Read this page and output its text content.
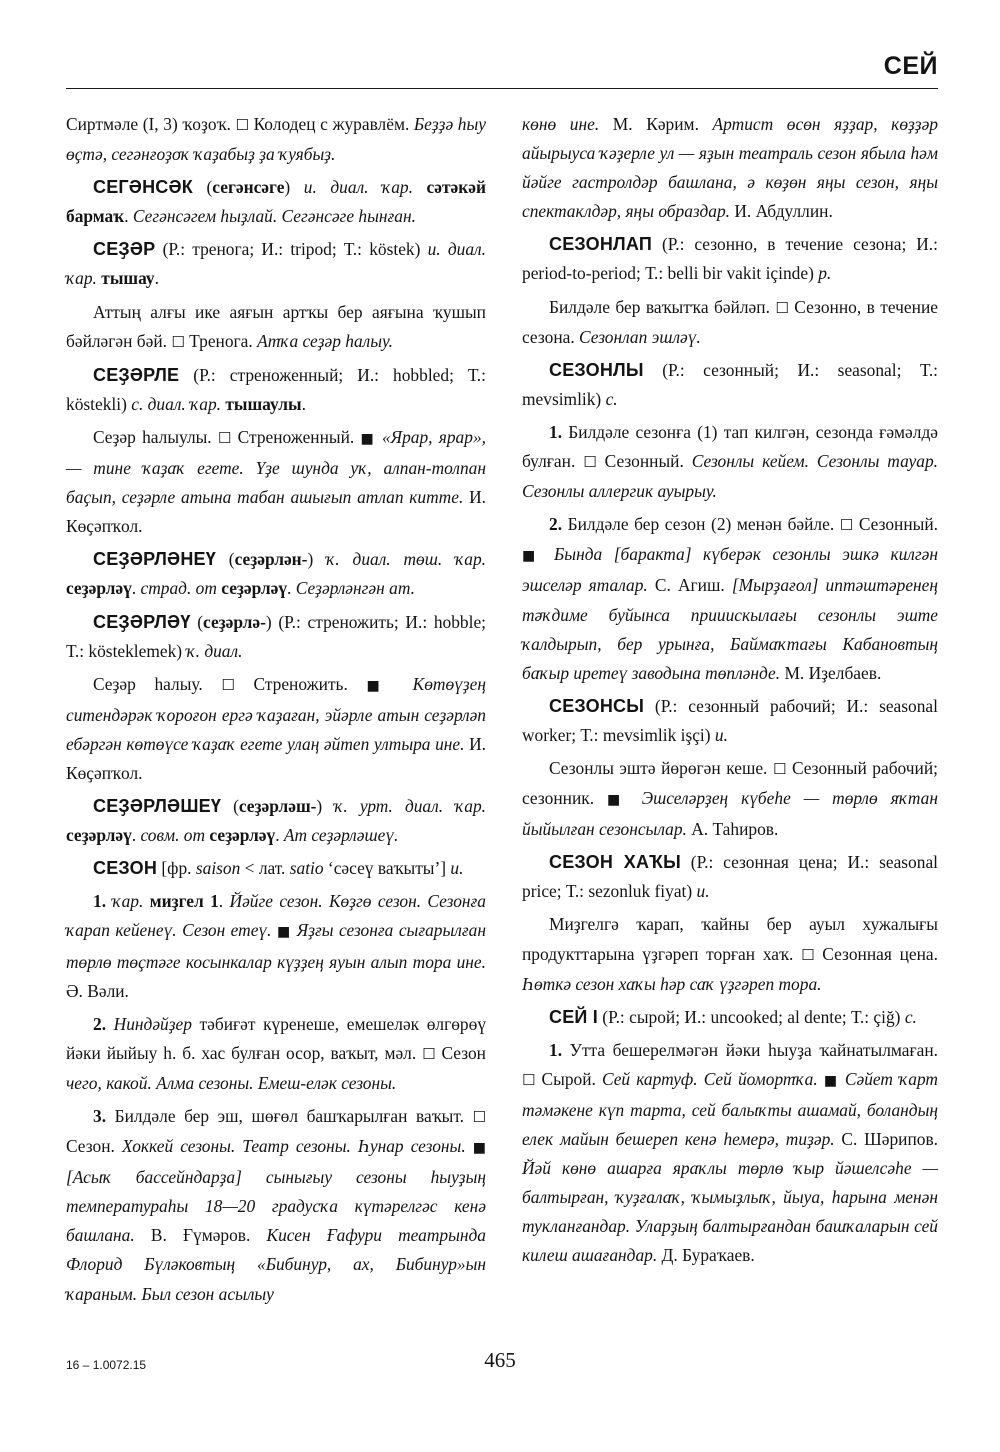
СЕЙ

Сиртмәле (I, 3) ҡоҙоҡ. ☐ Колодец с журавлём. Беҙҙә һыу өҫтә, сегәнғоҙоҡ ҡаҙабыҙ ҙа ҡуябыҙ.

СЕГӘНСӘК (сегәнсәге) и. диал. ҡар. сәтәкәй бармаҡ. Сегәнсәгем һыҙлай. Сегәнсәге һынған.

СЕҘӘР (Р.: тренога; И.: tripod; Т.: köstek) и. диал. ҡар. тышау.

Аттың алғы ике аяғын артҡы бер аяғына ҡушып бәйләгән бәй. ☐ Тренога. Атҡа сеҙәр һалыу.

СЕҘӘРЛЕ (Р.: стреноженный; И.: hobbled; Т.: köstekli) с. диал. ҡар. тышаулы.

Сеҙәр һалыулы. ☐ Стреноженный. ■ «Ярар, ярар»,— тине ҡаҙаҡ егете. Үҙе шунда уҡ, алпан-толпан баҫып, сеҙәрле атына табан ашығып атлап китте. И. Көҫәпҡол.

СЕҘӘРЛӘНЕҮ (сеҙәрлән-) ҡ. диал. төш. ҡар. сеҙәрләү. страд. от сеҙәрләү. Сеҙәрләнгән ат.

СЕҘӘРЛӘҮ (сеҙәрлә-) (Р.: стреножить; И.: hobble; Т.: kösteklemek) ҡ. диал.

Сеҙәр һалыу. ☐ Стреножить. ■ Көтөүҙең ситендәрәк ҡороғон ергә ҡаҙаған, эйәрле атын сеҙәрләп ебәргән көтөүсе ҡаҙаҡ егете улаң әйтеп ултыра ине. И. Көҫәпҡол.

СЕҘӘРЛӘШЕҮ (сеҙәрләш-) ҡ. урт. диал. ҡар. сеҙәрләү. совм. от сеҙәрләү. Ат сеҙәрләшеү.

СЕЗОН [фр. saison < лат. satio ‘сәсеү ваҡыты’] и.

1. ҡар. миҙгел 1. Йәйге сезон. Көҙгө сезон. Сезонға ҡарап кейенеү. Сезон етеү. ■ Яҙғы сезонға сығарылған төрлө төҫтәге косынкалар күҙҙең яуын алып тора ине. Ә. Вәли.

2. Ниндәйҙер тәбиғәт күренеше, емешеләк өлгөрөү йәки йыйыу һ. б. хас булған осор, ваҡыт, мәл. ☐ Сезон чего, какой. Алма сезоны. Емеш-еләк сезоны.

3. Билдәле бер эш, шөғөл башҡарылған ваҡыт. ☐ Сезон. Хоккей сезоны. Театр сезоны. Һунар сезоны. ■ [Асыҡ бассейндарҙа] сынығыу сезоны һыуҙың температураһы 18—20 градусҡа күтәрелгәс кенә башлана. В. Ғүмәров. Кисен Ғафури театрында Флорид Бүләковтың «Бибинур, ах, Бибинур»ын ҡараным. Был сезон асылыу

көнө ине. М. Кәрим. Артист өсөн яҙҙар, көҙҙәр айырыуса ҡәҙерле ул — яҙын театраль сезон ябыла һәм йәйге гастролдәр башлана, ә көҙөн яңы сезон, яңы спектаклдәр, яңы образдар. И. Абдуллин.

СЕЗОНЛАП (Р.: сезонно, в течение сезона; И.: period-to-period; Т.: belli bir vakit içinde) р.

Билдәле бер ваҡытҡа бәйләп. ☐ Сезонно, в течение сезона. Сезонлап эшләү.

СЕЗОНЛЫ (Р.: сезонный; И.: seasonal; Т.: mevsimlik) с.

1. Билдәле сезонға (1) тап килгән, сезонда ғәмәлдә булған. ☐ Сезонный. Сезонлы кейем. Сезонлы тауар. Сезонлы аллергик ауырыу.

2. Билдәле бер сезон (2) менән бәйле. ☐ Сезонный. ■ Бында [баракта] күберәк сезонлы эшкә килгән эшселәр яталар. С. Агиш. [Мырҙағол] иптәштәренең тәҡдиме буйынса прииискылағы сезонлы эште ҡалдырып, бер урынға, Баймаҡтағы Кабановтың баҡыр иретеү заводына төпләнде. М. Иҙелбаев.

СЕЗОНСЫ (Р.: сезонный рабочий; И.: seasonal worker; Т.: mevsimlik işçi) и.

Сезонлы эштә йөрөгән кеше. ☐ Сезонный рабочий; сезонник. ■ Эшселәрҙең күбеһе — төрлө яҡтан йыйылған сезонсылар. А. Таһиров.

СЕЗОН ХАҠЫ (Р.: сезонная цена; И.: seasonal price; Т.: sezonluk fiyat) и.

Миҙгелгә ҡарап, ҡайны бер ауыл хужалығы продукттарына үҙгәреп торған хаҡ. ☐ Сезонная цена. Һөткә сезон хаҡы һәр саҡ үҙгәреп тора.

СЕЙ I (Р.: сырой; И.: uncooked; al dente; Т.: çiğ) с.

1. Утта бешерелмәгән йәки һыуҙа ҡайнатылмаған. ☐ Сырой. Сей картуф. Сей йомортҡа. ■ Сәйет ҡарт тәмәкене күп тарта, сей балыҡты ашамай, боландың елек майын бешереп кенә һемерә, тиҙәр. С. Шәрипов. Йәй көнө ашарға яраҡлы төрлө ҡыр йәшелсәһе — балтырған, ҡуҙғалаҡ, ҡымыҙлыҡ, йыуа, һарына менән тукланғандар. Уларҙың балтырғандан башҡаларын сей килеш ашағандар. Д. Бураҡаев.

16 – 1.0072.15	465
